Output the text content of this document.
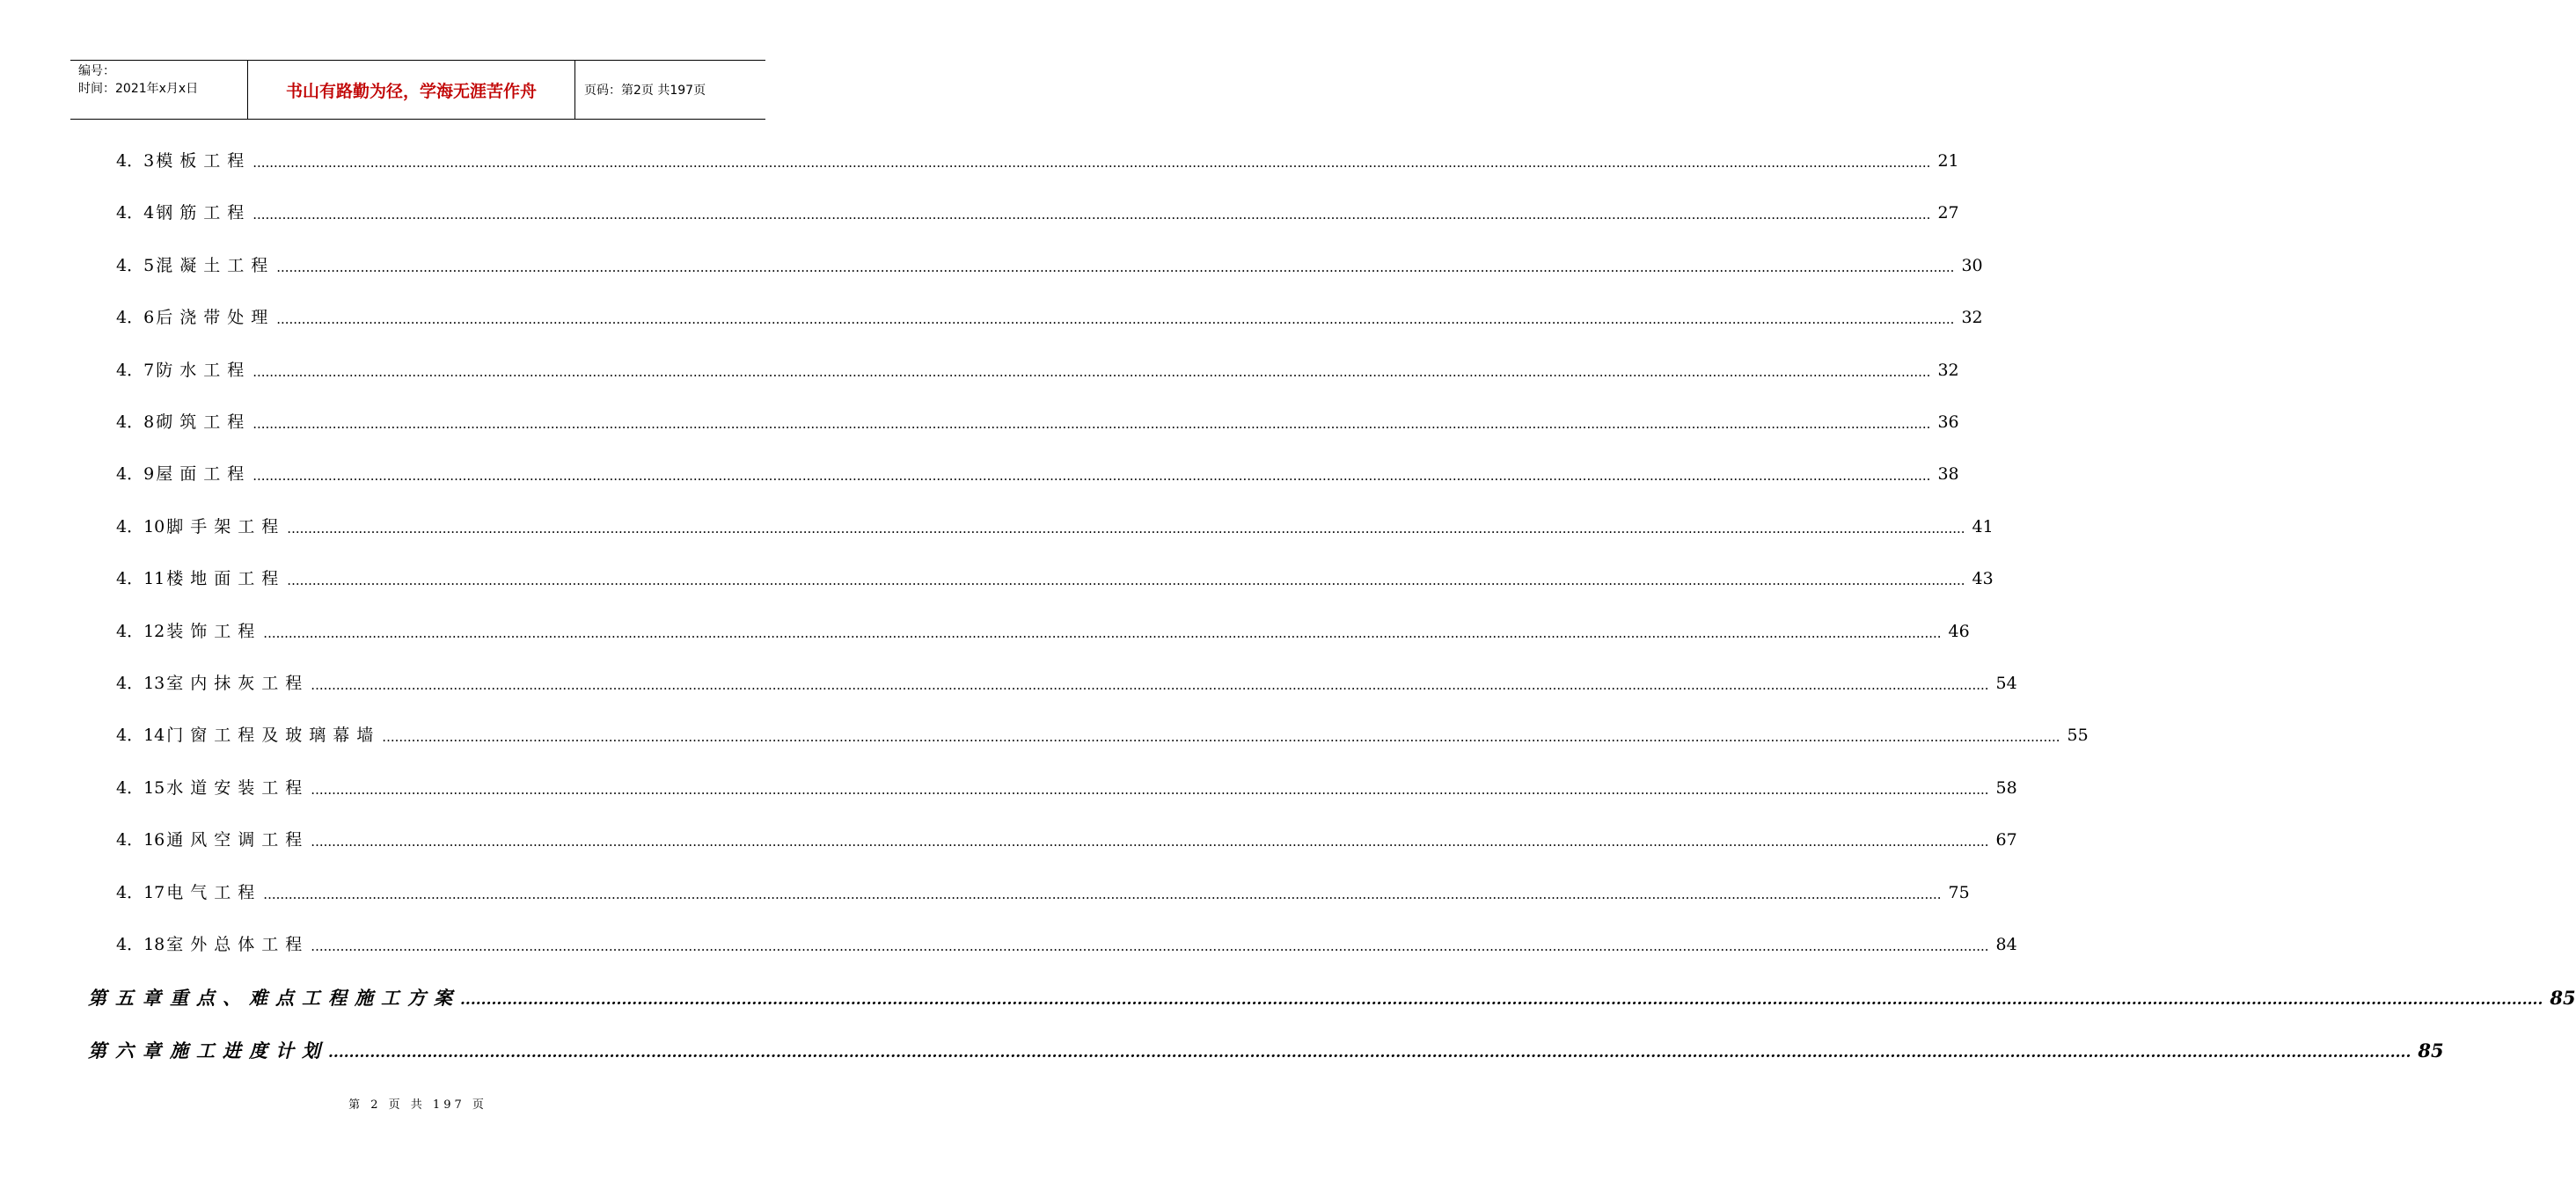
编号：
时间：2021年x月x日	书山有路勤为径，学海无涯苦作舟	页码：第2页 共197页
4． 3 模板工程 ................................................................................................................................................................................................................................................................................................................................................................................................................ 21
4． 4 钢筋工程 ................................................................................................................................................................................................................................................................................................................................................................................................................ 27
4． 5 混凝土工程 ................................................................................................................................................................................................................................................................................................................................................................................................................ 30
4． 6 后浇带处理 ................................................................................................................................................................................................................................................................................................................................................................................................................ 32
4． 7 防水工程 ................................................................................................................................................................................................................................................................................................................................................................................................................ 32
4． 8 砌筑工程 ................................................................................................................................................................................................................................................................................................................................................................................................................ 36
4． 9 屋面工程 ................................................................................................................................................................................................................................................................................................................................................................................................................ 38
4． 10 脚手架工程 ................................................................................................................................................................................................................................................................................................................................................................................................................ 41
4． 11 楼地面工程 ................................................................................................................................................................................................................................................................................................................................................................................................................ 43
4． 12 装饰工程 ................................................................................................................................................................................................................................................................................................................................................................................................................ 46
4． 13 室内抹灰工程 ................................................................................................................................................................................................................................................................................................................................................................................................................ 54
4． 14 门窗工程及玻璃幕墙 ................................................................................................................................................................................................................................................................................................................................................................................................................ 55
4． 15 水道安装工程 ................................................................................................................................................................................................................................................................................................................................................................................................................ 58
4． 16 通风空调工程 ................................................................................................................................................................................................................................................................................................................................................................................................................ 67
4． 17 电气工程 ................................................................................................................................................................................................................................................................................................................................................................................................................ 75
4． 18 室外总体工程 ................................................................................................................................................................................................................................................................................................................................................................................................................ 84
第五章 重点、难点工程施工方案 ................................................................................................................................................................................................................................................................................................................................................................................................................ 85
第六章 施工进度计划 ................................................................................................................................................................................................................................................................................................................................................................................................................ 85
第 2 页 共 197 页
